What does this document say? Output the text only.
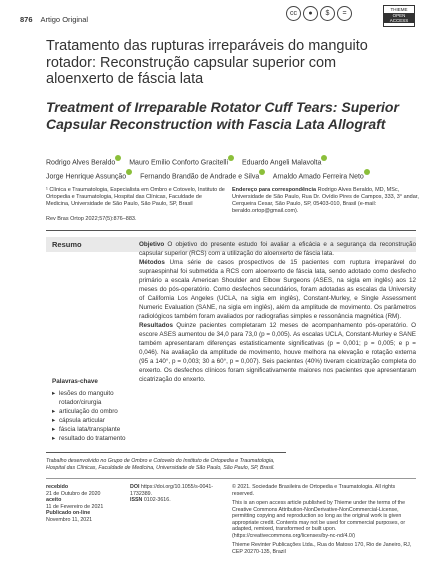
876 Artigo Original
cc	●	$	=
THIEME
OPEN ACCESS
Tratamento das rupturas irreparáveis do manguito rotador: Reconstrução capsular superior com aloenxerto de fáscia lata
Treatment of Irreparable Rotator Cuff Tears: Superior Capsular Reconstruction with Fascia Lata Allograft
Rodrigo Alves Beraldo Mauro Emilio Conforto Gracitelli Eduardo Angeli Malavolta
Jorge Henrique Assunção Fernando Brandão de Andrade e Silva Arnaldo Amado Ferreira Neto
¹ Clínica e Traumatologia, Especialista em Ombro e Cotovelo, Instituto de Ortopedia e Traumatologia, Hospital das Clínicas, Faculdade de Medicina, Universidade de São Paulo, São Paulo, SP, Brasil
Endereço para correspondência Rodrigo Alves Beraldo, MD, MSc, Universidade de São Paulo, Rua Dr. Ovídio Pires de Campos, 333, 3° andar, Cerqueira Cesar, São Paulo, SP, 05403-010, Brasil (e-mail: beraldo.ortop@gmail.com).
Rev Bras Ortop 2022;57(5):876–883.
Resumo	Objetivo O objetivo do presente estudo foi avaliar a eficácia e a segurança da reconstrução capsular superior (RCS) com a utilização do aloenxerto de fáscia lata.
Métodos Uma série de casos prospectivos de 15 pacientes com ruptura irreparável do supraespinhal foi submetida a RCS com aloenxerto de fáscia lata, sendo adotado como desfecho primário a escala American Shoulder and Elbow Surgeons (ASES, na sigla em inglês) aos 12 meses do pós-operatório. Como desfechos secundários, foram adotadas as escalas da University of California Los Angeles (UCLA, na sigla em inglês), Constant-Murley, e Single Assessment Numeric Evaluation (SANE, na sigla em inglês), além da amplitude de movimento. Os parâmetros radiológicos também foram avaliados por radiografias simples e ressonância magnética (RM).
Resultados Quinze pacientes completaram 12 meses de acompanhamento pós-operatório. O escore ASES aumentou de 34,0 para 73,0 (p = 0,005). As escalas UCLA, Constant-Murley e SANE também apresentaram diferenças estatisticamente significativas (p = 0,001; p = 0,005; e p = 0,046). Na avaliação da amplitude de movimento, houve melhora na elevação e rotação externa (95 a 140°, p = 0,003; 30 a 60°, p = 0,007). Seis pacientes (40%) tiveram cicatrização completa do enxerto. Os desfechos clínicos foram significativamente maiores nos pacientes que apresentaram cicatrização do enxerto.
Palavras-chave
▸ lesões do manguito rotador/cirurgia
▸ articulação do ombro
▸ cápsula articular
▸ fáscia lata/transplante
▸ resultado do tratamento
Trabalho desenvolvido no Grupo de Ombro e Cotovelo do Instituto de Ortopedia e Traumatologia, Hospital das Clínicas, Faculdade de Medicina, Universidade de São Paulo, São Paulo, SP, Brasil.
recebido
21 de Outubro de 2020
aceito
11 de Fevereiro de 2021
Publicado on-line
Novembro 11, 2021
DOI https://doi.org/10.1055/s-0041-1732389.
ISSN 0102-3616.
© 2021. Sociedade Brasileira de Ortopedia e Traumatologia. All rights reserved.
This is an open access article published by Thieme under the terms of the Creative Commons Attribution-NonDerivative-NonCommercial-License, permitting copying and reproduction so long as the original work is given appropriate credit. Contents may not be used for commercial purposes, or adapted, remixed, transformed or built upon. (https://creativecommons.org/licenses/by-nc-nd/4.0/)
Thieme Revinter Publicações Ltda., Rua do Matoso 170, Rio de Janeiro, RJ, CEP 20270-135, Brazil
